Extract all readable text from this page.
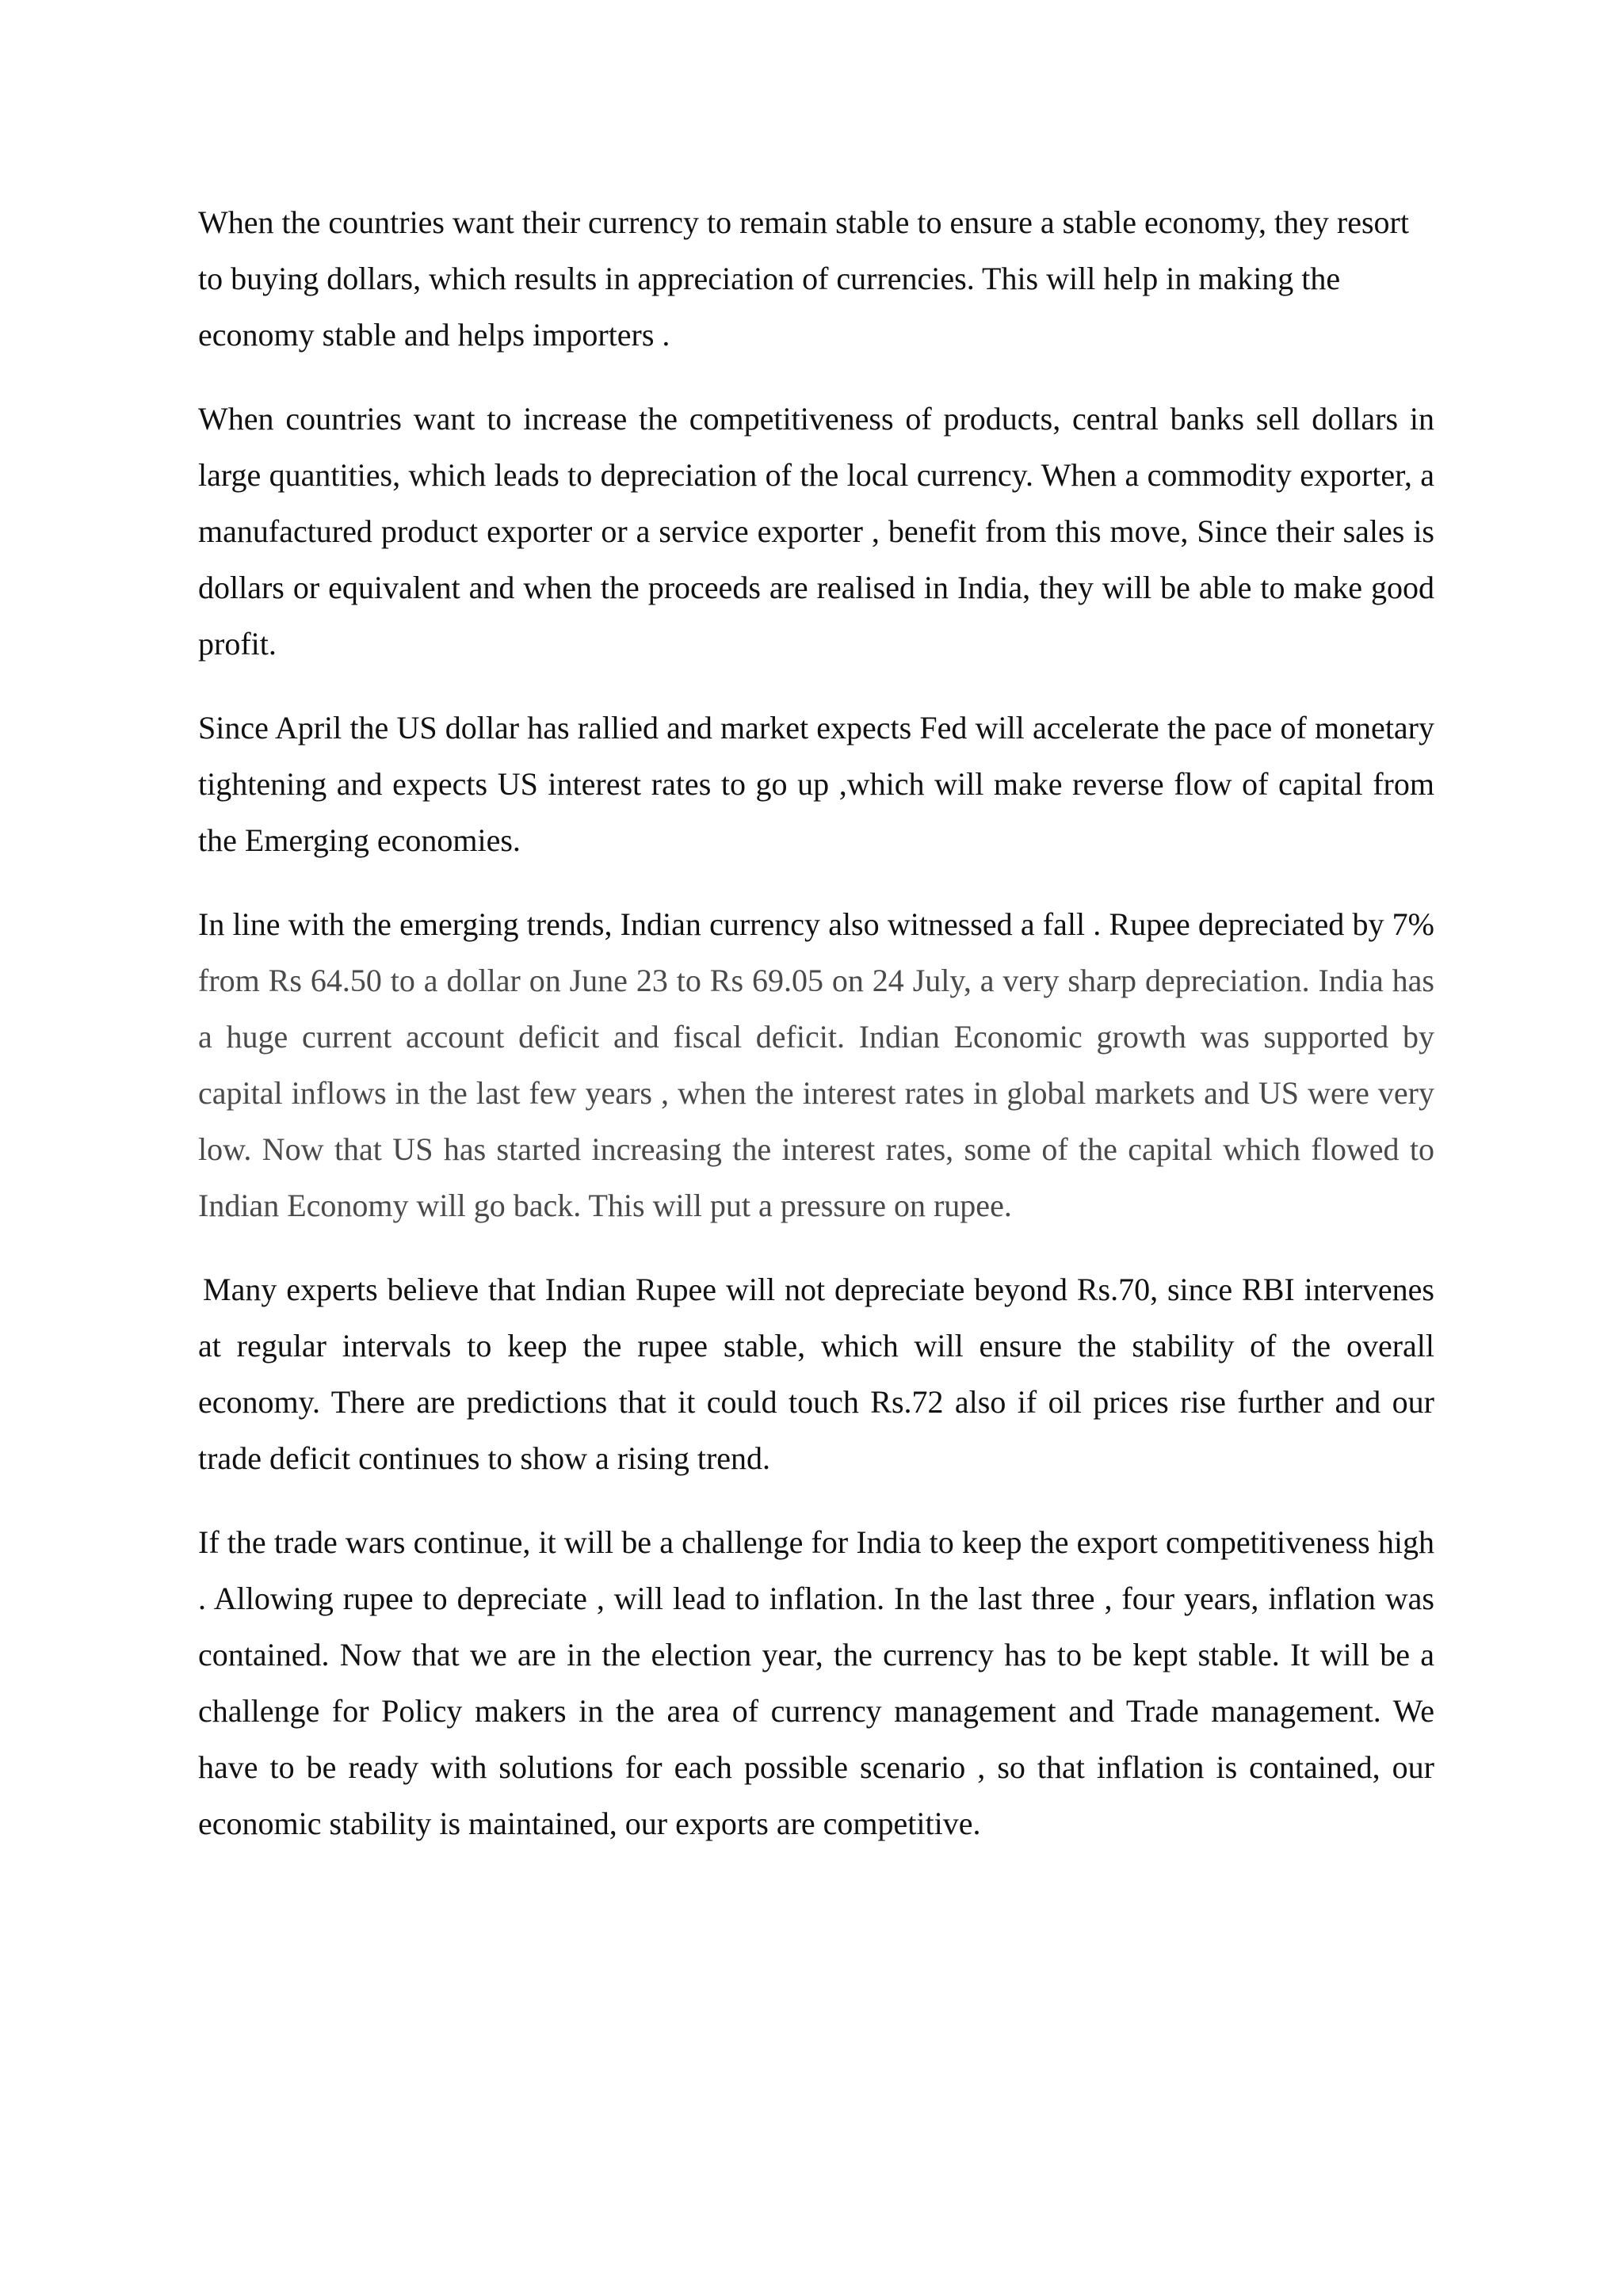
When the countries want their currency to remain stable to ensure a stable economy, they resort to buying dollars, which results in appreciation of currencies. This will help in making the economy stable and helps importers .

When countries want to increase the competitiveness of products, central banks sell dollars in large quantities, which leads to depreciation of the local currency. When a commodity exporter, a manufactured product exporter or a service exporter , benefit from this move, Since their sales is dollars or equivalent and when the proceeds are realised in India, they will be able to make good profit.

Since April the US dollar has rallied and market expects Fed will accelerate the pace of monetary tightening and expects US interest rates to go up ,which will make reverse flow of capital from the Emerging economies.

In line with the emerging trends, Indian currency also witnessed a fall . Rupee depreciated by 7% from Rs 64.50 to a dollar on June 23 to Rs 69.05 on 24 July, a very sharp depreciation. India has a huge current account deficit and fiscal deficit. Indian Economic growth was supported by capital inflows in the last few years , when the interest rates in global markets and US were very low. Now that US has started increasing the interest rates, some of the capital which flowed to Indian Economy will go back. This will put a pressure on rupee.

Many experts believe that Indian Rupee will not depreciate beyond Rs.70, since RBI intervenes at regular intervals to keep the rupee stable, which will ensure the stability of the overall economy. There are predictions that it could touch Rs.72 also if oil prices rise further and our trade deficit continues to show a rising trend.

If the trade wars continue, it will be a challenge for India to keep the export competitiveness high . Allowing rupee to depreciate , will lead to inflation. In the last three , four years, inflation was contained. Now that we are in the election year, the currency has to be kept stable. It will be a challenge for Policy makers in the area of currency management and Trade management. We have to be ready with solutions for each possible scenario , so that inflation is contained, our economic stability is maintained, our exports are competitive.
